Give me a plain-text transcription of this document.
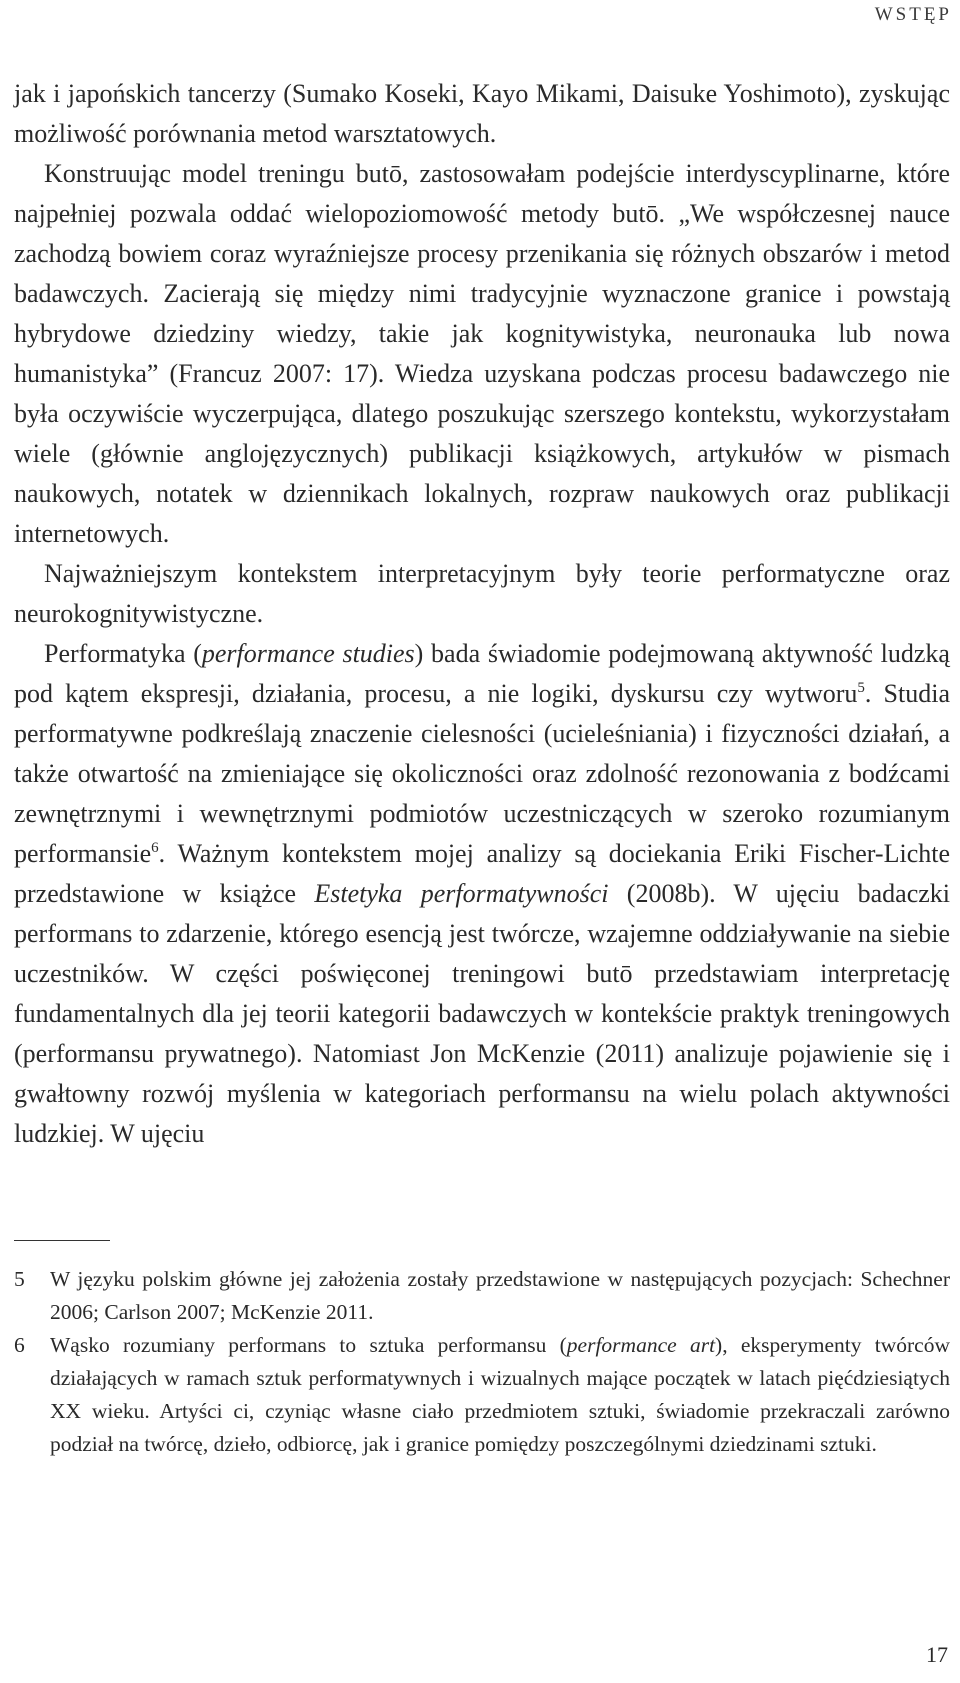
WSTĘP

jak i japońskich tancerzy (Sumako Koseki, Kayo Mikami, Daisuke Yoshimoto), zyskując możliwość porównania metod warsztatowych.

Konstruując model treningu butō, zastosowałam podejście interdyscyplinarne, które najpełniej pozwala oddać wielopoziomowość metody butō. „We współczesnej nauce zachodzą bowiem coraz wyraźniejsze procesy przenikania się różnych obszarów i metod badawczych. Zacierają się między nimi tradycyjnie wyznaczone granice i powstają hybrydowe dziedziny wiedzy, takie jak kognitywistyka, neuronauka lub nowa humanistyka” (Francuz 2007: 17). Wiedza uzyskana podczas procesu badawczego nie była oczywiście wyczerpująca, dlatego poszukując szerszego kontekstu, wykorzystałam wiele (głównie anglojęzycznych) publikacji książkowych, artykułów w pismach naukowych, notatek w dziennikach lokalnych, rozpraw naukowych oraz publikacji internetowych.

Najważniejszym kontekstem interpretacyjnym były teorie performatyczne oraz neurokognitywistyczne.

Performatyka (performance studies) bada świadomie podejmowaną aktywność ludzką pod kątem ekspresji, działania, procesu, a nie logiki, dyskursu czy wytworu$^5$. Studia performatywne podkreślają znaczenie cielesności (ucieleśniania) i fizyczności działań, a także otwartość na zmieniające się okoliczności oraz zdolność rezonowania z bodźcami zewnętrznymi i wewnętrznymi podmiotów uczestniczących w szeroko rozumianym performansie$^6$. Ważnym kontekstem mojej analizy są dociekania Eriki Fischer-Lichte przedstawione w książce Estetyka performatywności (2008b). W ujęciu badaczki performans to zdarzenie, którego esencją jest twórcze, wzajemne oddziaływanie na siebie uczestników. W części poświęconej treningowi butō przedstawiam interpretację fundamentalnych dla jej teorii kategorii badawczych w kontekście praktyk treningowych (performansu prywatnego). Natomiast Jon McKenzie (2011) analizuje pojawienie się i gwałtowny rozwój myślenia w kategoriach performansu na wielu polach aktywności ludzkiej. W ujęciu

5	W języku polskim główne jej założenia zostały przedstawione w następujących pozycjach: Schechner 2006; Carlson 2007; McKenzie 2011.
6	Wąsko rozumiany performans to sztuka performansu (performance art), eksperymenty twórców działających w ramach sztuk performatywnych i wizualnych mające początek w latach pięćdziesiątych XX wieku. Artyści ci, czyniąc własne ciało przedmiotem sztuki, świadomie przekraczali zarówno podział na twórcę, dzieło, odbiorcę, jak i granice pomiędzy poszczególnymi dziedzinami sztuki.
17
